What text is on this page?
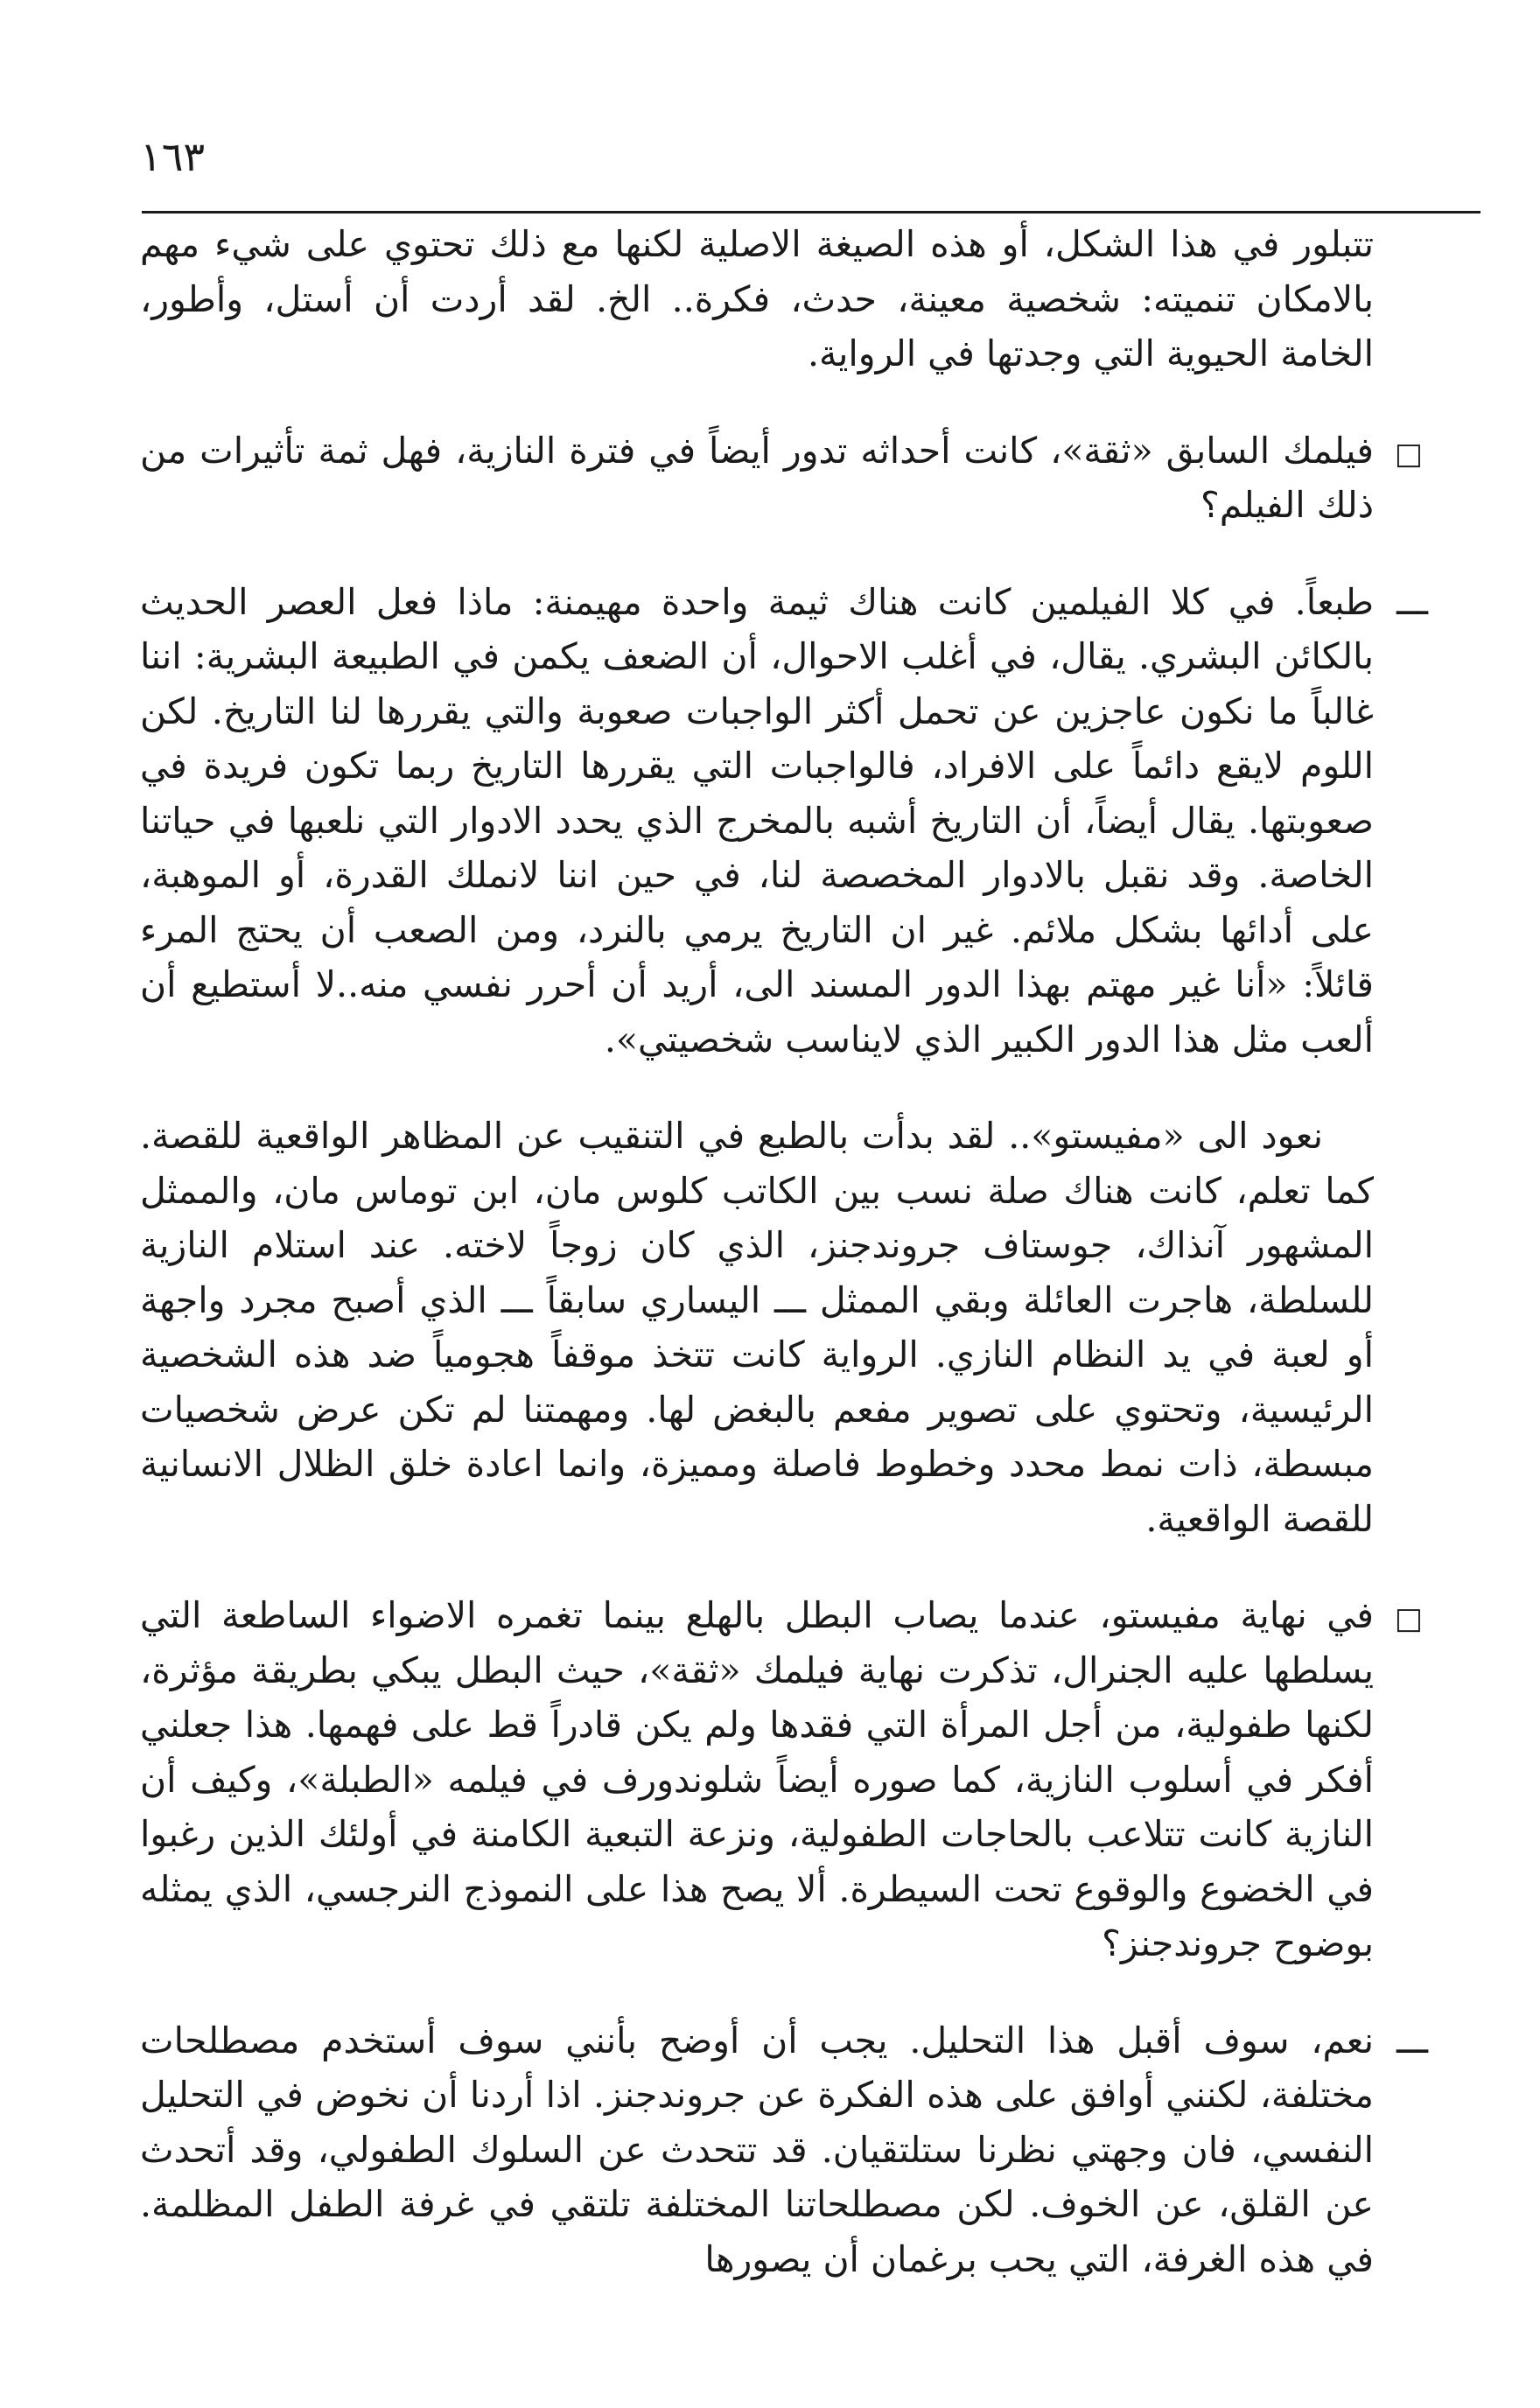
١٦٣

تتبلور في هذا الشكل، أو هذه الصيغة الاصلية لكنها مع ذلك تحتوي على شيء مهم بالامكان تنميته: شخصية معينة، حدث، فكرة.. الخ. لقد أردت أن أستل، وأطور، الخامة الحيوية التي وجدتها في الرواية.

□
فيلمك السابق «ثقة»، كانت أحداثه تدور أيضاً في فترة النازية، فهل ثمة تأثيرات من ذلك الفيلم؟

ـــ
طبعاً. في كلا الفيلمين كانت هناك ثيمة واحدة مهيمنة: ماذا فعل العصر الحديث بالكائن البشري. يقال، في أغلب الاحوال، أن الضعف يكمن في الطبيعة البشرية: اننا غالباً ما نكون عاجزين عن تحمل أكثر الواجبات صعوبة والتي يقررها لنا التاريخ. لكن اللوم لايقع دائماً على الافراد، فالواجبات التي يقررها التاريخ ربما تكون فريدة في صعوبتها. يقال أيضاً، أن التاريخ أشبه بالمخرج الذي يحدد الادوار التي نلعبها في حياتنا الخاصة. وقد نقبل بالادوار المخصصة لنا، في حين اننا لانملك القدرة، أو الموهبة، على أدائها بشكل ملائم. غير ان التاريخ يرمي بالنرد، ومن الصعب أن يحتج المرء قائلاً: «أنا غير مهتم بهذا الدور المسند الى، أريد أن أحرر نفسي منه..لا أستطيع أن ألعب مثل هذا الدور الكبير الذي لايناسب شخصيتي».

نعود الى «مفيستو».. لقد بدأت بالطبع في التنقيب عن المظاهر الواقعية للقصة. كما تعلم، كانت هناك صلة نسب بين الكاتب كلوس مان، ابن توماس مان، والممثل المشهور آنذاك، جوستاف جروندجنز، الذي كان زوجاً لاخته. عند استلام النازية للسلطة، هاجرت العائلة وبقي الممثل ـــ اليساري سابقاً ـــ الذي أصبح مجرد واجهة أو لعبة في يد النظام النازي. الرواية كانت تتخذ موقفاً هجومياً ضد هذه الشخصية الرئيسية، وتحتوي على تصوير مفعم بالبغض لها. ومهمتنا لم تكن عرض شخصيات مبسطة، ذات نمط محدد وخطوط فاصلة ومميزة، وانما اعادة خلق الظلال الانسانية للقصة الواقعية.

□
في نهاية مفيستو، عندما يصاب البطل بالهلع بينما تغمره الاضواء الساطعة التي يسلطها عليه الجنرال، تذكرت نهاية فيلمك «ثقة»، حيث البطل يبكي بطريقة مؤثرة، لكنها طفولية، من أجل المرأة التي فقدها ولم يكن قادراً قط على فهمها. هذا جعلني أفكر في أسلوب النازية، كما صوره أيضاً شلوندورف في فيلمه «الطبلة»، وكيف أن النازية كانت تتلاعب بالحاجات الطفولية، ونزعة التبعية الكامنة في أولئك الذين رغبوا في الخضوع والوقوع تحت السيطرة. ألا يصح هذا على النموذج النرجسي، الذي يمثله بوضوح جروندجنز؟

ـــ
نعم، سوف أقبل هذا التحليل. يجب أن أوضح بأنني سوف أستخدم مصطلحات مختلفة، لكنني أوافق على هذه الفكرة عن جروندجنز. اذا أردنا أن نخوض في التحليل النفسي، فان وجهتي نظرنا ستلتقيان. قد تتحدث عن السلوك الطفولي، وقد أتحدث عن القلق، عن الخوف. لكن مصطلحاتنا المختلفة تلتقي في غرفة الطفل المظلمة. في هذه الغرفة، التي يحب برغمان أن يصورها
